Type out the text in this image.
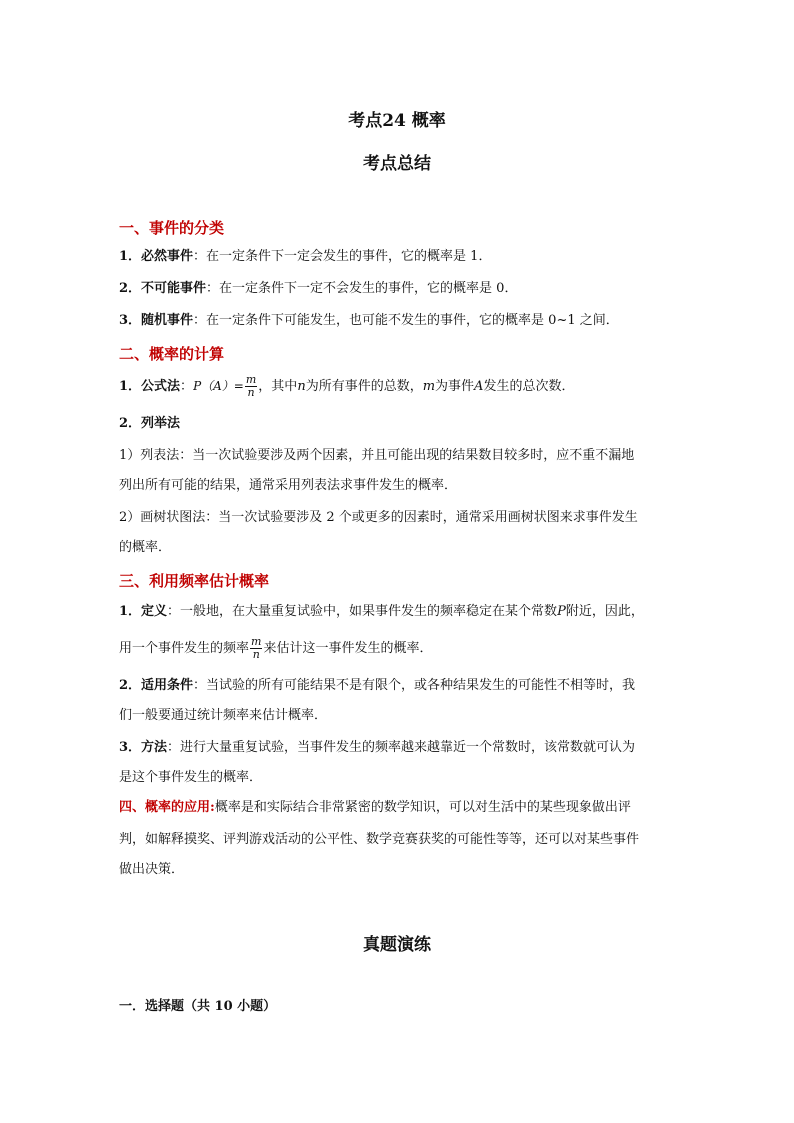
考点24 概率
考点总结
一、事件的分类
1．必然事件：在一定条件下一定会发生的事件，它的概率是 1．
2．不可能事件：在一定条件下一定不会发生的事件，它的概率是 0．
3．随机事件：在一定条件下可能发生，也可能不发生的事件，它的概率是 0~1 之间．
二、概率的计算
1．公式法：$P(A)= \frac{m}{n}$ ，其中n为所有事件的总数，m为事件A发生的总次数．
2．列举法
1）列表法：当一次试验要涉及两个因素，并且可能出现的结果数目较多时，应不重不漏地
列出所有可能的结果，通常采用列表法求事件发生的概率．
2）画树状图法：当一次试验要涉及 2 个或更多的因素时，通常采用画树状图来求事件发生
的概率．
三、利用频率估计概率
1．定义：一般地，在大量重复试验中，如果事件发生的频率稳定在某个常数P附近，因此，
用一个事件发生的频率 $\frac{m}{n}$ 来估计这一事件发生的概率．
2．适用条件：当试验的所有可能结果不是有限个，或各种结果发生的可能性不相等时，我
们一般要通过统计频率来估计概率．
3．方法：进行大量重复试验，当事件发生的频率越来越靠近一个常数时，该常数就可认为
是这个事件发生的概率．
四、概率的应用:概率是和实际结合非常紧密的数学知识，可以对生活中的某些现象做出评
判，如解释摸奖、评判游戏活动的公平性、数学竞赛获奖的可能性等等，还可以对某些事件
做出决策．
真题演练
一．选择题（共 10 小题）
